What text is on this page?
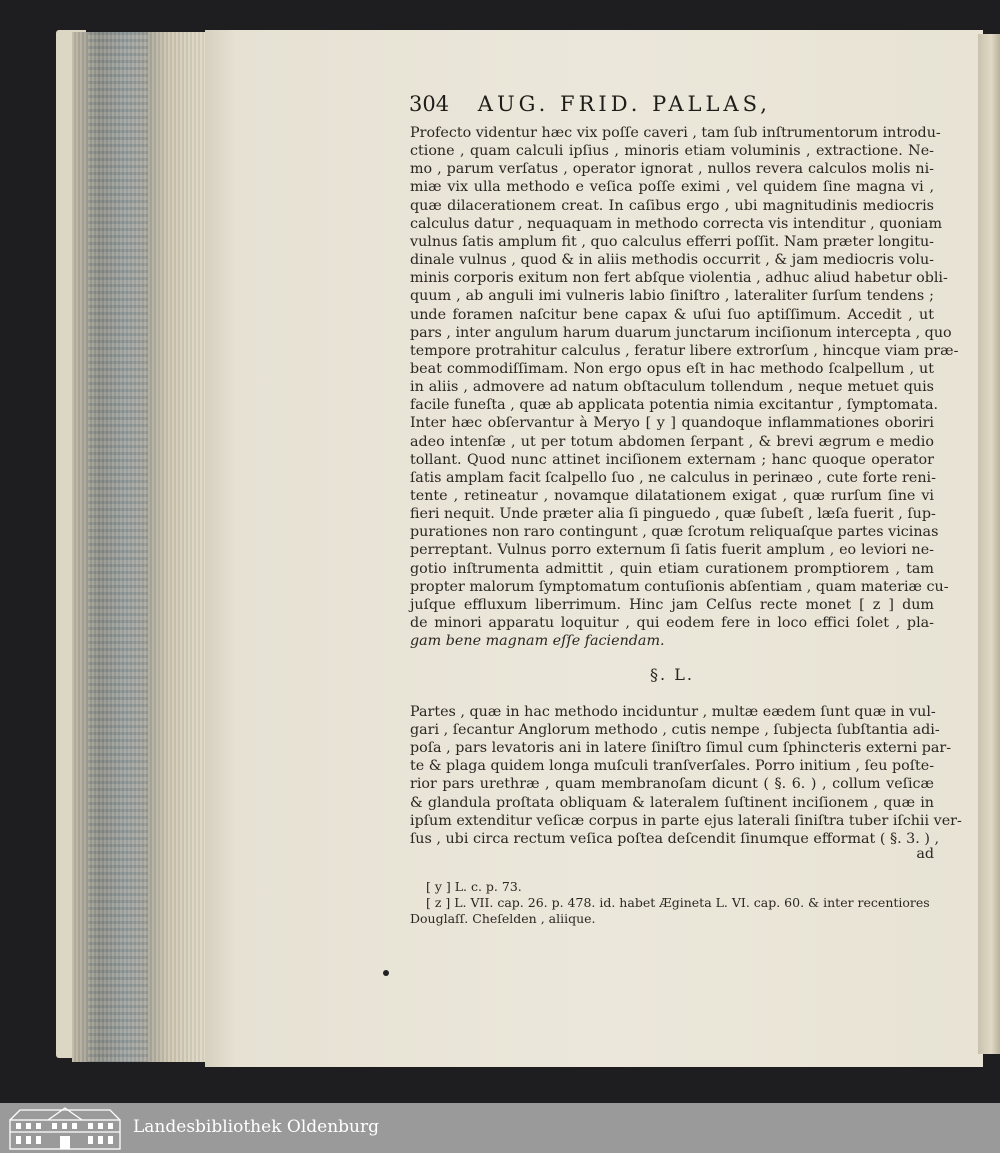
304 AUG. FRID. PALLAS,

Profecto videntur hæc vix poſſe caveri , tam ſub inſtrumentorum introdu-

ctione , quam calculi ipſius , minoris etiam voluminis , extractione. Ne-

mo , parum verſatus , operator ignorat , nullos revera calculos molis ni-

miæ vix ulla methodo e veſica poſſe eximi , vel quidem ſine magna vi ,

quæ dilacerationem creat. In caſibus ergo , ubi magnitudinis mediocris

calculus datur , nequaquam in methodo correcta vis intenditur , quoniam

vulnus ſatis amplum fit , quo calculus efferri poſſit. Nam præter longitu-

dinale vulnus , quod & in aliis methodis occurrit , & jam mediocris volu-

minis corporis exitum non fert abſque violentia , adhuc aliud habetur obli-

quum , ab anguli imi vulneris labio ſiniſtro , lateraliter ſurſum tendens ;

unde foramen naſcitur bene capax & uſui ſuo aptiſſimum. Accedit , ut

pars , inter angulum harum duarum junctarum inciſionum intercepta , quo

tempore protrahitur calculus , feratur libere extrorſum , hincque viam præ-

beat commodiſſimam. Non ergo opus eſt in hac methodo ſcalpellum , ut

in aliis , admovere ad natum obſtaculum tollendum , neque metuet quis

facile funeſta , quæ ab applicata potentia nimia excitantur , ſymptomata.

Inter hæc obſervantur à Meryo [ y ] quandoque inflammationes oboriri

adeo intenſæ , ut per totum abdomen ſerpant , & brevi ægrum e medio

tollant. Quod nunc attinet inciſionem externam ; hanc quoque operator

ſatis amplam facit ſcalpello ſuo , ne calculus in perinæo , cute forte reni-

tente , retineatur , novamque dilatationem exigat , quæ rurſum ſine vi

fieri nequit. Unde præter alia ſi pinguedo , quæ ſubeſt , læſa fuerit , ſup-

purationes non raro contingunt , quæ ſcrotum reliquaſque partes vicinas

perreptant. Vulnus porro externum ſi ſatis fuerit amplum , eo leviori ne-

gotio inſtrumenta admittit , quin etiam curationem promptiorem , tam

propter malorum ſymptomatum contuſionis abſentiam , quam materiæ cu-

juſque effluxum liberrimum. Hinc jam Celſus recte monet [ z ] dum

de minori apparatu loquitur , qui eodem fere in loco effici ſolet , pla-

gam bene magnam eſſe faciendam.

§. L.

Partes , quæ in hac methodo inciduntur , multæ eædem ſunt quæ in vul-

gari , ſecantur Anglorum methodo , cutis nempe , ſubjecta ſubſtantia adi-

poſa , pars levatoris ani in latere ſiniſtro ſimul cum ſphincteris externi par-

te & plaga quidem longa muſculi tranſverſales. Porro initium , ſeu poſte-

rior pars urethræ , quam membranoſam dicunt ( §. 6. ) , collum veſicæ

& glandula proſtata obliquam & lateralem ſuſtinent inciſionem , quæ in

ipſum extenditur veſicæ corpus in parte ejus laterali ſiniſtra tuber iſchii ver-

ſus , ubi circa rectum veſica poſtea deſcendit ſinumque efformat ( §. 3. ) ,

ad

[ y ] L. c. p. 73.

[ z ] L. VII. cap. 26. p. 478. id. habet Ægineta L. VI. cap. 60. & inter recentiores

Douglaſſ. Cheſelden , aliique.

Landesbibliothek Oldenburg
